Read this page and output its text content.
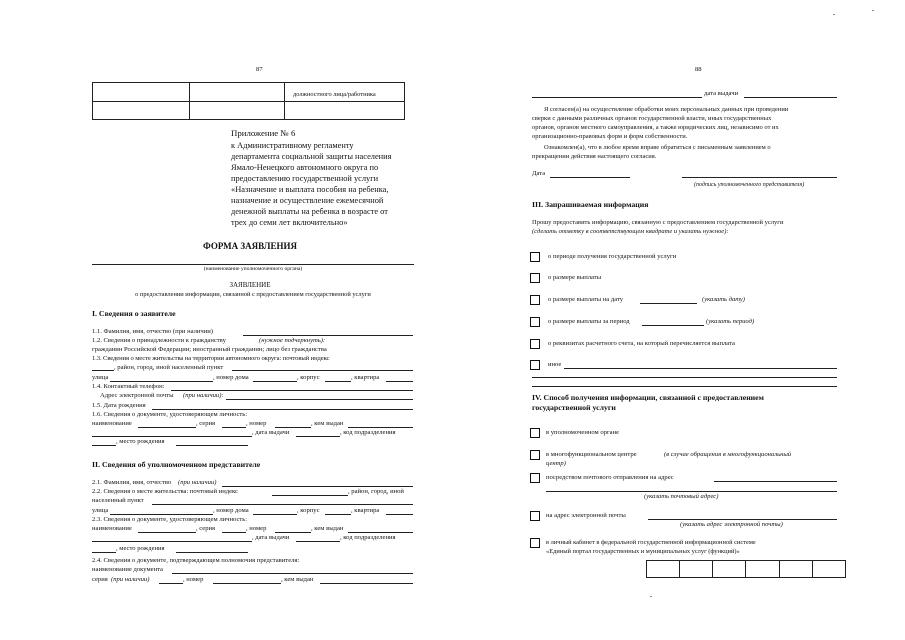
87
		должностного лица/работника

Приложение № 6
к Административному регламенту
департамента социальной защиты населения
Ямало-Ненецкого автономного округа по
предоставлению государственной услуги
«Назначение и выплата пособия на ребенка,
назначение и осуществление ежемесячной
денежной выплаты на ребенка в возрасте от
трех до семи лет включительно»
ФОРМА ЗАЯВЛЕНИЯ
(наименование уполномоченного органа)
ЗАЯВЛЕНИЕ
о предоставлении информации, связанной с предоставлением государственной услуги
I. Сведения о заявителе
1.1. Фамилия, имя, отчество (при наличии)
1.2. Сведения о принадлежности к гражданству	(нужное подчеркнуть):
гражданин Российской Федерации; иностранный гражданин; лицо без гражданства
1.3. Сведения о месте жительства на территории автономного округа: почтовый индекс
, район, город, иной населенный пункт
улица	, номер дома	, корпус	, квартира
1.4. Контактный телефон:
Адрес электронной почты (при наличии):
1.5. Дата рождения
1.6. Сведения о документе, удостоверяющем личность:
наименование	, серия	, номер	, кем выдан
, дата выдачи	, код подразделения
, место рождения
II. Сведения об уполномоченном представителе
2.1. Фамилия, имя, отчество (при наличии)
2.2. Сведения о месте жительства: почтовый индекс	, район, город, иной
населенный пункт
улица	, номер дома	, корпус	, квартира
2.3. Сведения о документе, удостоверяющем личность:
наименование	, серия	, номер	, кем выдан
, дата выдачи	, код подразделения
, место рождения
2.4. Сведения о документе, подтверждающем полномочия представителя:
наименование документа
серия (при наличии)	, номер	, кем выдан
88
дата выдачи
Я согласен(а) на осуществление обработки моих персональных данных при проведении
сверки с данными различных органов государственной власти, иных государственных
органов, органов местного самоуправления, а также юридических лиц, независимо от их
организационно-правовых форм и форм собственности.
Ознакомлен(а), что в любое время вправе обратиться с письменным заявлением о
прекращении действия настоящего согласия.
Дата
(подпись уполномоченного представителя)
III. Запрашиваемая информация
Прошу предоставить информацию, связанную с предоставлением государственной услуги
(сделать отметку в соответствующем квадрате и указать нужное):
о периоде получения государственной услуги
о размере выплаты
о размере выплаты на дату	(указать дату)
о размере выплаты за период	(указать период)
о реквизитах расчетного счета, на который перечисляется выплата
иное
IV. Способ получения информации, связанной с предоставлением
государственной услуги
в уполномоченном органе
в многофункциональном центре	(в случае обращения в многофункциональный
центр)
посредством почтового отправления на адрес
(указать почтовый адрес)
на адрес электронной почты
(указать адрес электронной почты)
в личный кабинет в федеральной государственной информационной системе
«Единый портал государственных и муниципальных услуг (функций)»
